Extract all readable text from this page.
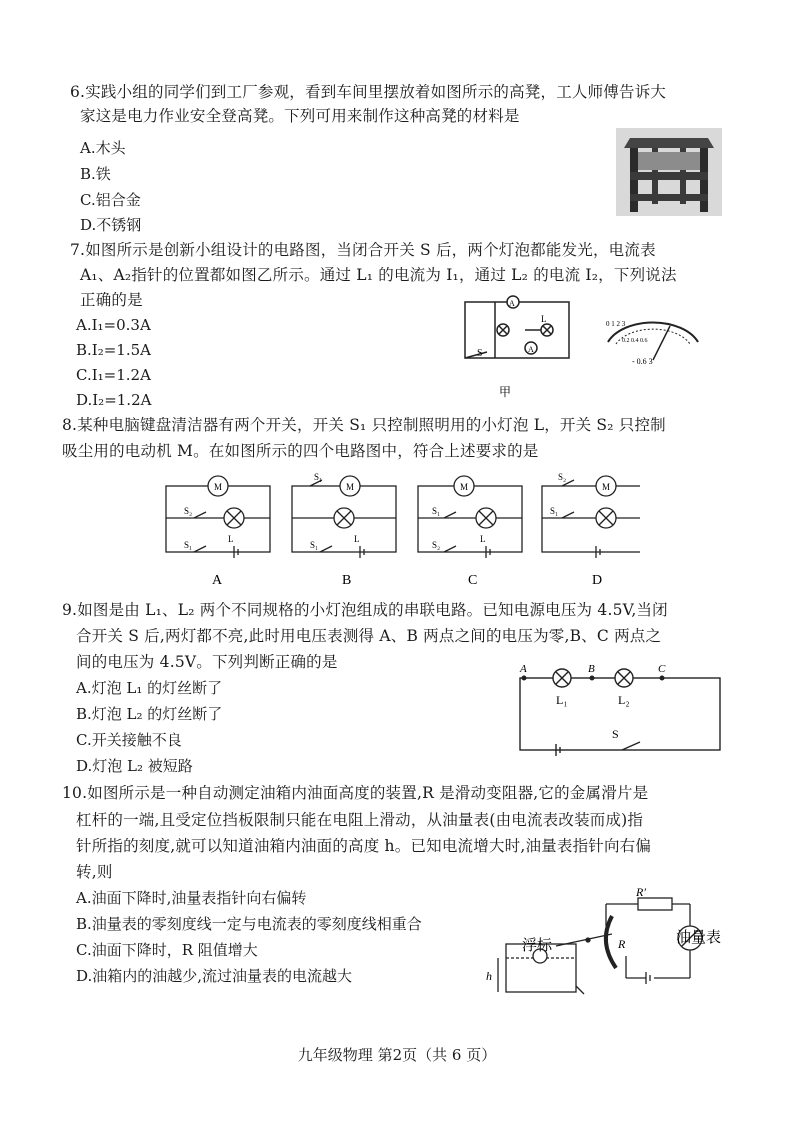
6.实践小组的同学们到工厂参观，看到车间里摆放着如图所示的高凳，工人师傅告诉大
家这是电力作业安全登高凳。下列可用来制作这种高凳的材料是
A.木头
B.铁
C.铝合金
D.不锈钢
7.如图所示是创新小组设计的电路图，当闭合开关 S 后，两个灯泡都能发光，电流表
A₁、A₂指针的位置都如图乙所示。通过 L₁ 的电流为 I₁，通过 L₂ 的电流 I₂，下列说法
正确的是
A.I₁=0.3A
B.I₂=1.5A
C.I₁=1.2A
D.I₂=1.2A
S
A
A
L
甲
0 1 2 3
0.2 0.4 0.6
- 0.6 3
8.某种电脑键盘清洁器有两个开关，开关 S₁ 只控制照明用的小灯泡 L，开关 S₂ 只控制
吸尘用的电动机 M。在如图所示的四个电路图中，符合上述要求的是
M	M	M	M
S₂
S₁
L
S₁
S₁
L
S₁
S₂
L
S₂
S₁
A	B	C	D
9.如图是由 L₁、L₂ 两个不同规格的小灯泡组成的串联电路。已知电源电压为 4.5V,当闭
合开关 S 后,两灯都不亮,此时用电压表测得 A、B 两点之间的电压为零,B、C 两点之
间的电压为 4.5V。下列判断正确的是
A.灯泡 L₁ 的灯丝断了
B.灯泡 L₂ 的灯丝断了
C.开关接触不良
D.灯泡 L₂ 被短路
A	B	C
L₁	L₂
S
10.如图所示是一种自动测定油箱内油面高度的装置,R 是滑动变阻器,它的金属滑片是
杠杆的一端,且受定位挡板限制只能在电阻上滑动，从油量表(由电流表改装而成)指
针所指的刻度,就可以知道油箱内油面的高度 h。已知电流增大时,油量表指针向右偏
转,则
A.油面下降时,油量表指针向右偏转
B.油量表的零刻度线一定与电流表的零刻度线相重合
C.油面下降时，R 阻值增大
D.油箱内的油越少,流过油量表的电流越大
R′
R	油量表
浮标
h
九年级物理 第2页（共 6 页）
